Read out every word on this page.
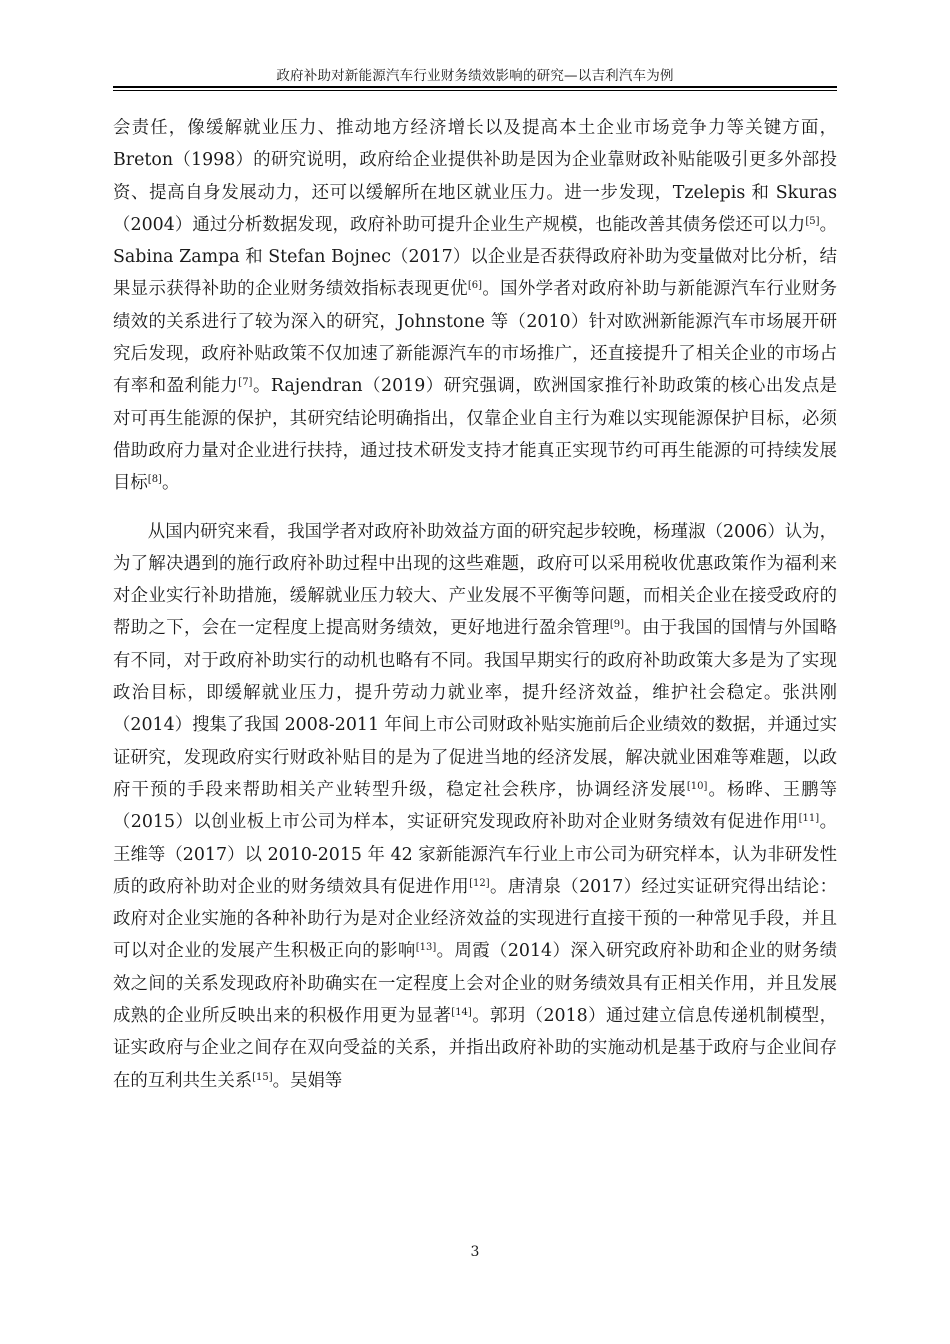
政府补助对新能源汽车行业财务绩效影响的研究—以吉利汽车为例

会责任，像缓解就业压力、推动地方经济增长以及提高本土企业市场竞争力等关键方面，Breton（1998）的研究说明，政府给企业提供补助是因为企业靠财政补贴能吸引更多外部投资、提高自身发展动力，还可以缓解所在地区就业压力。进一步发现，Tzelepis 和 Skuras（2004）通过分析数据发现，政府补助可提升企业生产规模，也能改善其债务偿还可以力[5]。Sabina Zampa 和 Stefan Bojnec（2017）以企业是否获得政府补助为变量做对比分析，结果显示获得补助的企业财务绩效指标表现更优[6]。国外学者对政府补助与新能源汽车行业财务绩效的关系进行了较为深入的研究，Johnstone 等（2010）针对欧洲新能源汽车市场展开研究后发现，政府补贴政策不仅加速了新能源汽车的市场推广，还直接提升了相关企业的市场占有率和盈利能力[7]。Rajendran（2019）研究强调，欧洲国家推行补助政策的核心出发点是对可再生能源的保护，其研究结论明确指出，仅靠企业自主行为难以实现能源保护目标，必须借助政府力量对企业进行扶持，通过技术研发支持才能真正实现节约可再生能源的可持续发展目标[8]。

从国内研究来看，我国学者对政府补助效益方面的研究起步较晚，杨瑾淑（2006）认为，为了解决遇到的施行政府补助过程中出现的这些难题，政府可以采用税收优惠政策作为福利来对企业实行补助措施，缓解就业压力较大、产业发展不平衡等问题，而相关企业在接受政府的帮助之下，会在一定程度上提高财务绩效，更好地进行盈余管理[9]。由于我国的国情与外国略有不同，对于政府补助实行的动机也略有不同。我国早期实行的政府补助政策大多是为了实现政治目标，即缓解就业压力，提升劳动力就业率，提升经济效益，维护社会稳定。张洪刚（2014）搜集了我国 2008-2011 年间上市公司财政补贴实施前后企业绩效的数据，并通过实证研究，发现政府实行财政补贴目的是为了促进当地的经济发展，解决就业困难等难题，以政府干预的手段来帮助相关产业转型升级，稳定社会秩序，协调经济发展[10]。杨晔、王鹏等（2015）以创业板上市公司为样本，实证研究发现政府补助对企业财务绩效有促进作用[11]。王维等（2017）以 2010-2015 年 42 家新能源汽车行业上市公司为研究样本，认为非研发性质的政府补助对企业的财务绩效具有促进作用[12]。唐清泉（2017）经过实证研究得出结论：政府对企业实施的各种补助行为是对企业经济效益的实现进行直接干预的一种常见手段，并且可以对企业的发展产生积极正向的影响[13]。周霞（2014）深入研究政府补助和企业的财务绩效之间的关系发现政府补助确实在一定程度上会对企业的财务绩效具有正相关作用，并且发展成熟的企业所反映出来的积极作用更为显著[14]。郭玥（2018）通过建立信息传递机制模型，证实政府与企业之间存在双向受益的关系，并指出政府补助的实施动机是基于政府与企业间存在的互利共生关系[15]。吴娟等

3
